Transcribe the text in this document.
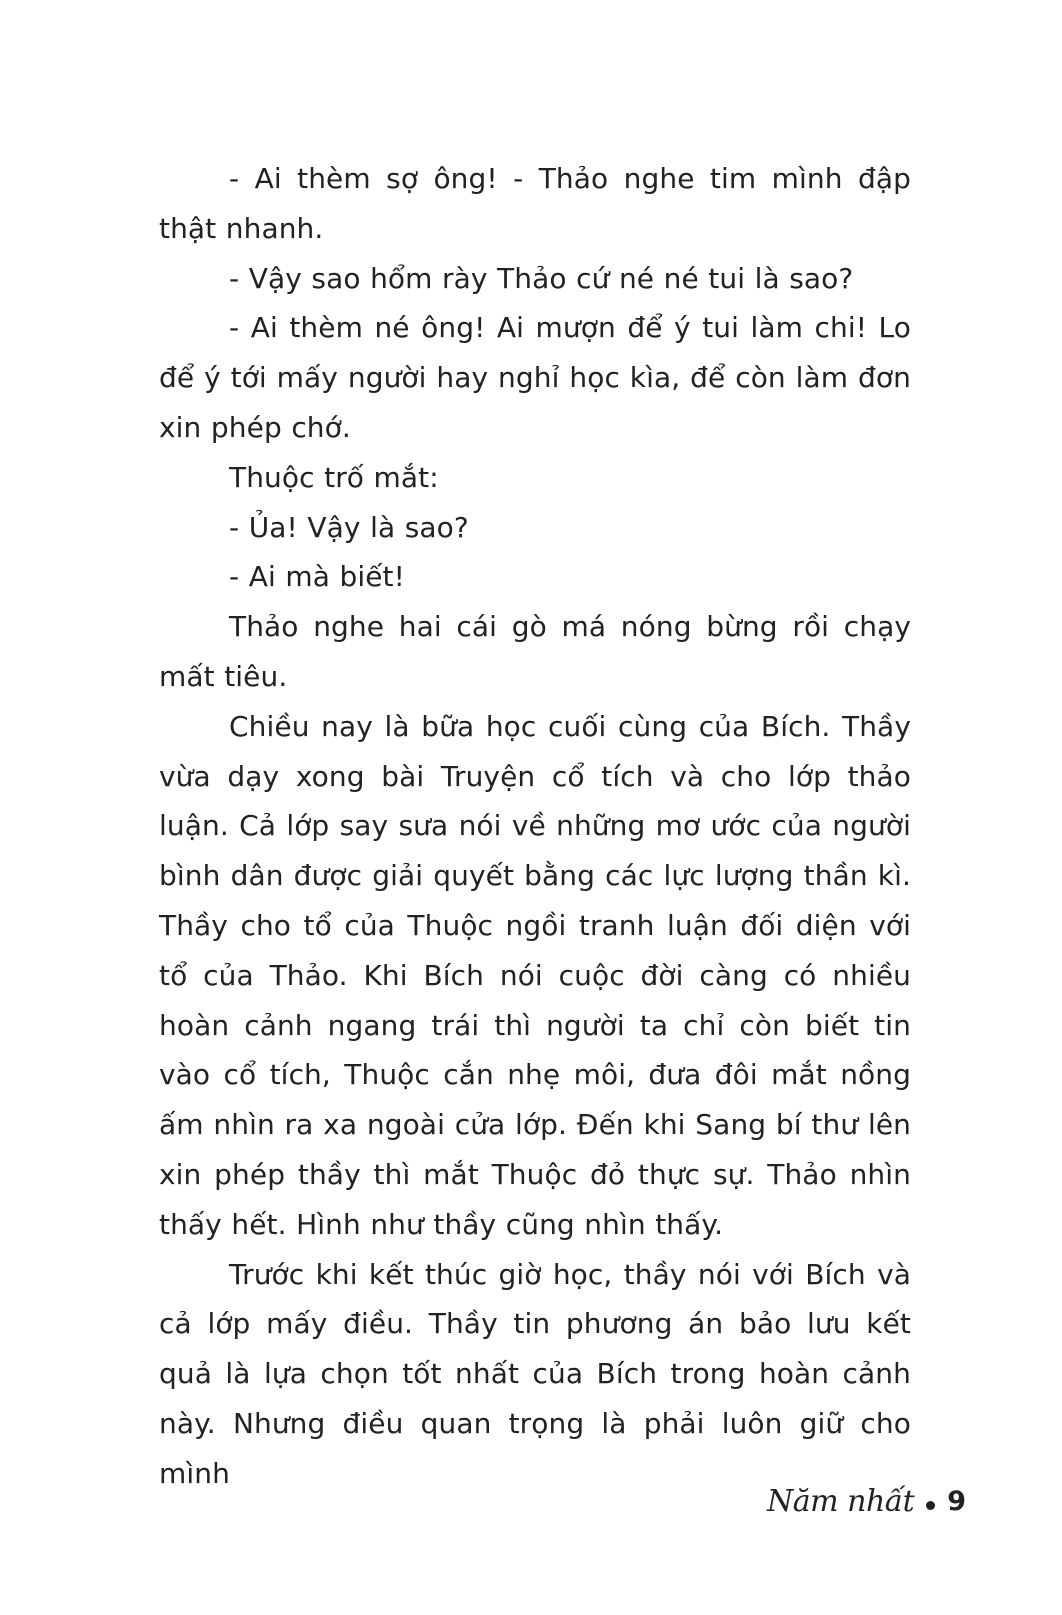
- Ai thèm sợ ông! - Thảo nghe tim mình đập thật nhanh.

- Vậy sao hổm rày Thảo cứ né né tui là sao?

- Ai thèm né ông! Ai mượn để ý tui làm chi! Lo để ý tới mấy người hay nghỉ học kìa, để còn làm đơn xin phép chớ.

Thuộc trố mắt:

- Ủa! Vậy là sao?

- Ai mà biết!

Thảo nghe hai cái gò má nóng bừng rồi chạy mất tiêu.

Chiều nay là bữa học cuối cùng của Bích. Thầy vừa dạy xong bài Truyện cổ tích và cho lớp thảo luận. Cả lớp say sưa nói về những mơ ước của người bình dân được giải quyết bằng các lực lượng thần kì. Thầy cho tổ của Thuộc ngồi tranh luận đối diện với tổ của Thảo. Khi Bích nói cuộc đời càng có nhiều hoàn cảnh ngang trái thì người ta chỉ còn biết tin vào cổ tích, Thuộc cắn nhẹ môi, đưa đôi mắt nồng ấm nhìn ra xa ngoài cửa lớp. Đến khi Sang bí thư lên xin phép thầy thì mắt Thuộc đỏ thực sự. Thảo nhìn thấy hết. Hình như thầy cũng nhìn thấy.

Trước khi kết thúc giờ học, thầy nói với Bích và cả lớp mấy điều. Thầy tin phương án bảo lưu kết quả là lựa chọn tốt nhất của Bích trong hoàn cảnh này. Nhưng điều quan trọng là phải luôn giữ cho mình

Năm nhất 9
